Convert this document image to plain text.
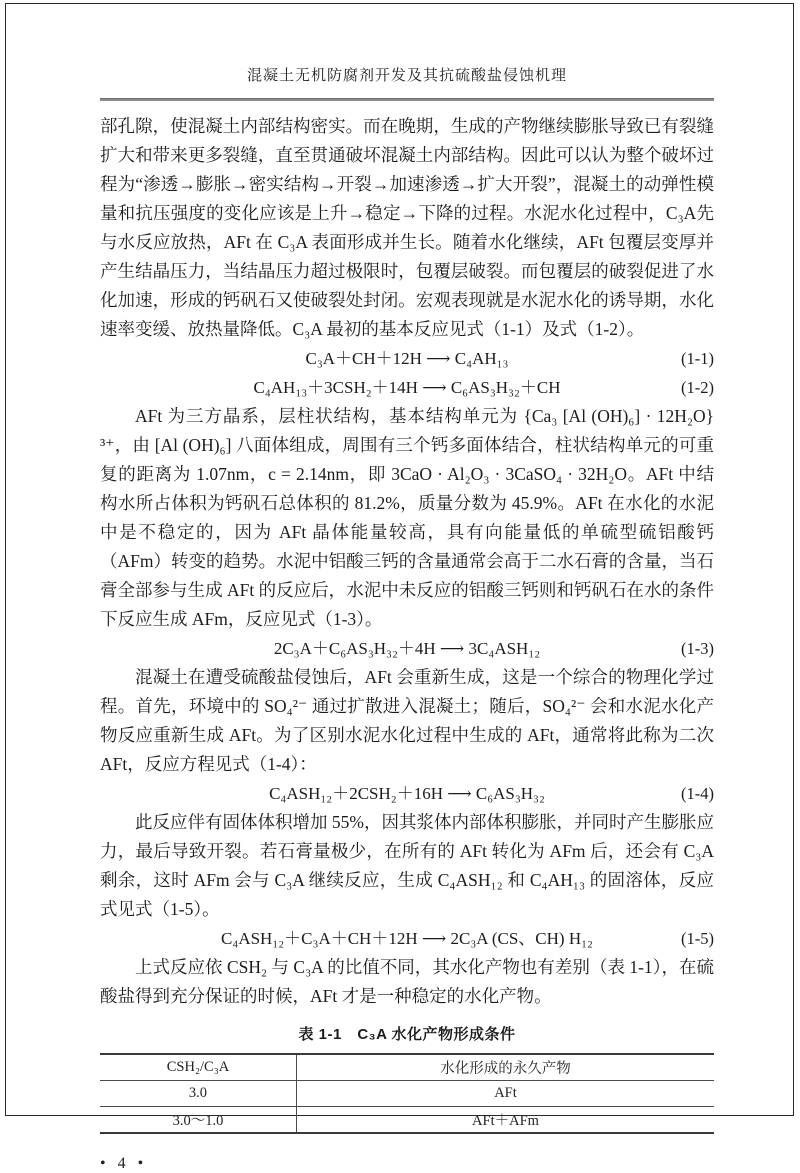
混凝土无机防腐剂开发及其抗硫酸盐侵蚀机理

部孔隙，使混凝土内部结构密实。而在晚期，生成的产物继续膨胀导致已有裂缝扩大和带来更多裂缝，直至贯通破坏混凝土内部结构。因此可以认为整个破坏过程为“渗透→膨胀→密实结构→开裂→加速渗透→扩大开裂”，混凝土的动弹性模量和抗压强度的变化应该是上升→稳定→下降的过程。水泥水化过程中，C₃A先与水反应放热，AFt 在 C₃A 表面形成并生长。随着水化继续，AFt 包覆层变厚并产生结晶压力，当结晶压力超过极限时，包覆层破裂。而包覆层的破裂促进了水化加速，形成的钙矾石又使破裂处封闭。宏观表现就是水泥水化的诱导期，水化速率变缓、放热量降低。C₃A 最初的基本反应见式（1-1）及式（1-2）。

C₃A＋CH＋12H ⟶ C₄AH₁₃	(1-1)
C₄AH₁₃＋3CSH₂＋14H ⟶ C₆AS₃H₃₂＋CH	(1-2)

AFt 为三方晶系，层柱状结构，基本结构单元为 {Ca₃ [Al (OH)₆] · 12H₂O}³⁺，由 [Al (OH)₆] 八面体组成，周围有三个钙多面体结合，柱状结构单元的可重复的距离为 1.07nm，c = 2.14nm，即 3CaO · Al₂O₃ · 3CaSO₄ · 32H₂O。AFt 中结构水所占体积为钙矾石总体积的 81.2%，质量分数为 45.9%。AFt 在水化的水泥中是不稳定的，因为 AFt 晶体能量较高，具有向能量低的单硫型硫铝酸钙（AFm）转变的趋势。水泥中铝酸三钙的含量通常会高于二水石膏的含量，当石膏全部参与生成 AFt 的反应后，水泥中未反应的铝酸三钙则和钙矾石在水的条件下反应生成 AFm，反应见式（1-3）。

2C₃A＋C₆AS₃H₃₂＋4H ⟶ 3C₄ASH₁₂	(1-3)

混凝土在遭受硫酸盐侵蚀后，AFt 会重新生成，这是一个综合的物理化学过程。首先，环境中的 SO₄²⁻ 通过扩散进入混凝土；随后，SO₄²⁻ 会和水泥水化产物反应重新生成 AFt。为了区别水泥水化过程中生成的 AFt，通常将此称为二次 AFt，反应方程见式（1-4）：

C₄ASH₁₂＋2CSH₂＋16H ⟶ C₆AS₃H₃₂	(1-4)

此反应伴有固体体积增加 55%，因其浆体内部体积膨胀，并同时产生膨胀应力，最后导致开裂。若石膏量极少，在所有的 AFt 转化为 AFm 后，还会有 C₃A剩余，这时 AFm 会与 C₃A 继续反应，生成 C₄ASH₁₂ 和 C₄AH₁₃ 的固溶体，反应式见式（1-5）。

C₄ASH₁₂＋C₃A＋CH＋12H ⟶ 2C₃A (CS、CH) H₁₂	(1-5)

上式反应依 CSH₂ 与 C₃A 的比值不同，其水化产物也有差别（表 1-1），在硫酸盐得到充分保证的时候，AFt 才是一种稳定的水化产物。

表 1-1　C₃A 水化产物形成条件
CSH₂/C₃A	水化形成的永久产物
3.0	AFt
3.0～1.0	AFt＋AFm
• 4 •
